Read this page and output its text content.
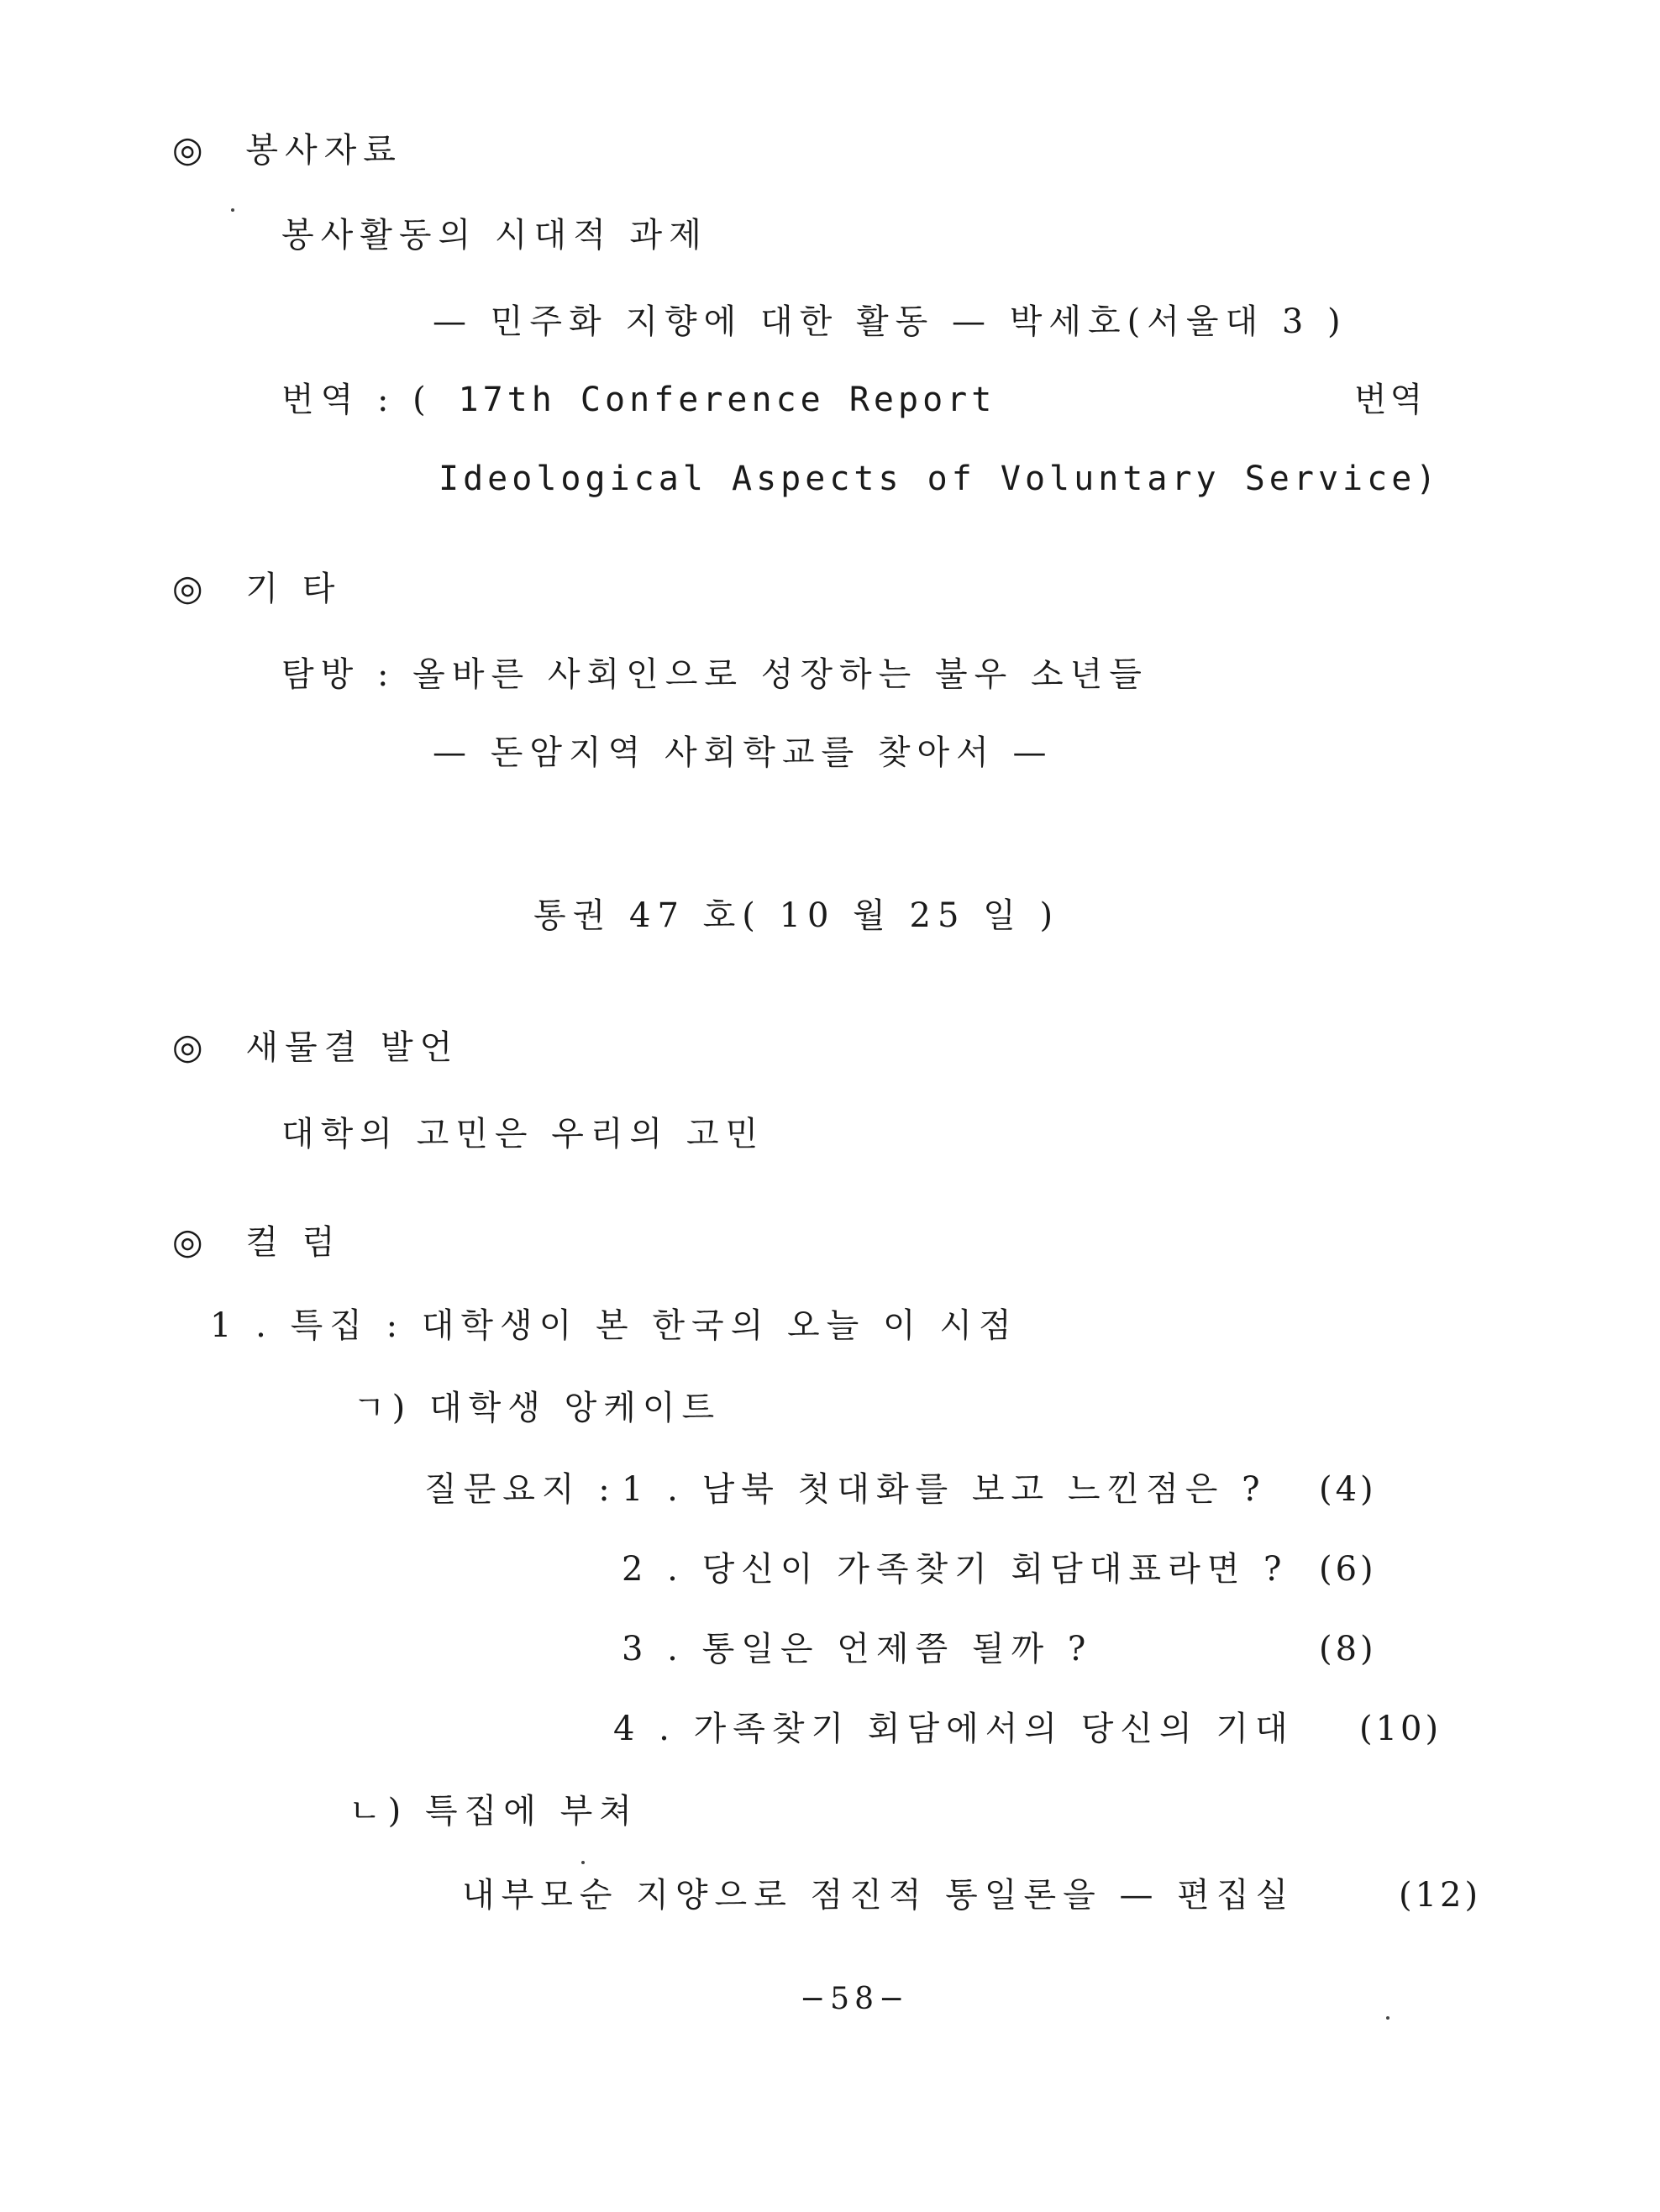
◎ 봉사자료
봉사활동의 시대적 과제
— 민주화 지향에 대한 활동 — 박세호(서울대 3 )
번역 : ( 17th Conference Report	번역
Ideological Aspects of Voluntary Service)
◎ 기 타
탐방 : 올바른 사회인으로 성장하는 불우 소년들
— 돈암지역 사회학교를 찾아서 —
통권 47 호( 10 월 25 일 )
◎ 새물결 발언
대학의 고민은 우리의 고민
◎ 컬 럼
1 . 특집 : 대학생이 본 한국의 오늘 이 시점
ㄱ) 대학생 앙케이트
질문요지 : 1 . 남북 첫대화를 보고 느낀점은 ? (4)
2 . 당신이 가족찾기 회담대표라면 ? (6)
3 . 통일은 언제쯤 될까 ?	(8)
4 . 가족찾기 회담에서의 당신의 기대 (10)
ㄴ) 특집에 부쳐
내부모순 지양으로 점진적 통일론을 — 편집실	(12)
−58−
